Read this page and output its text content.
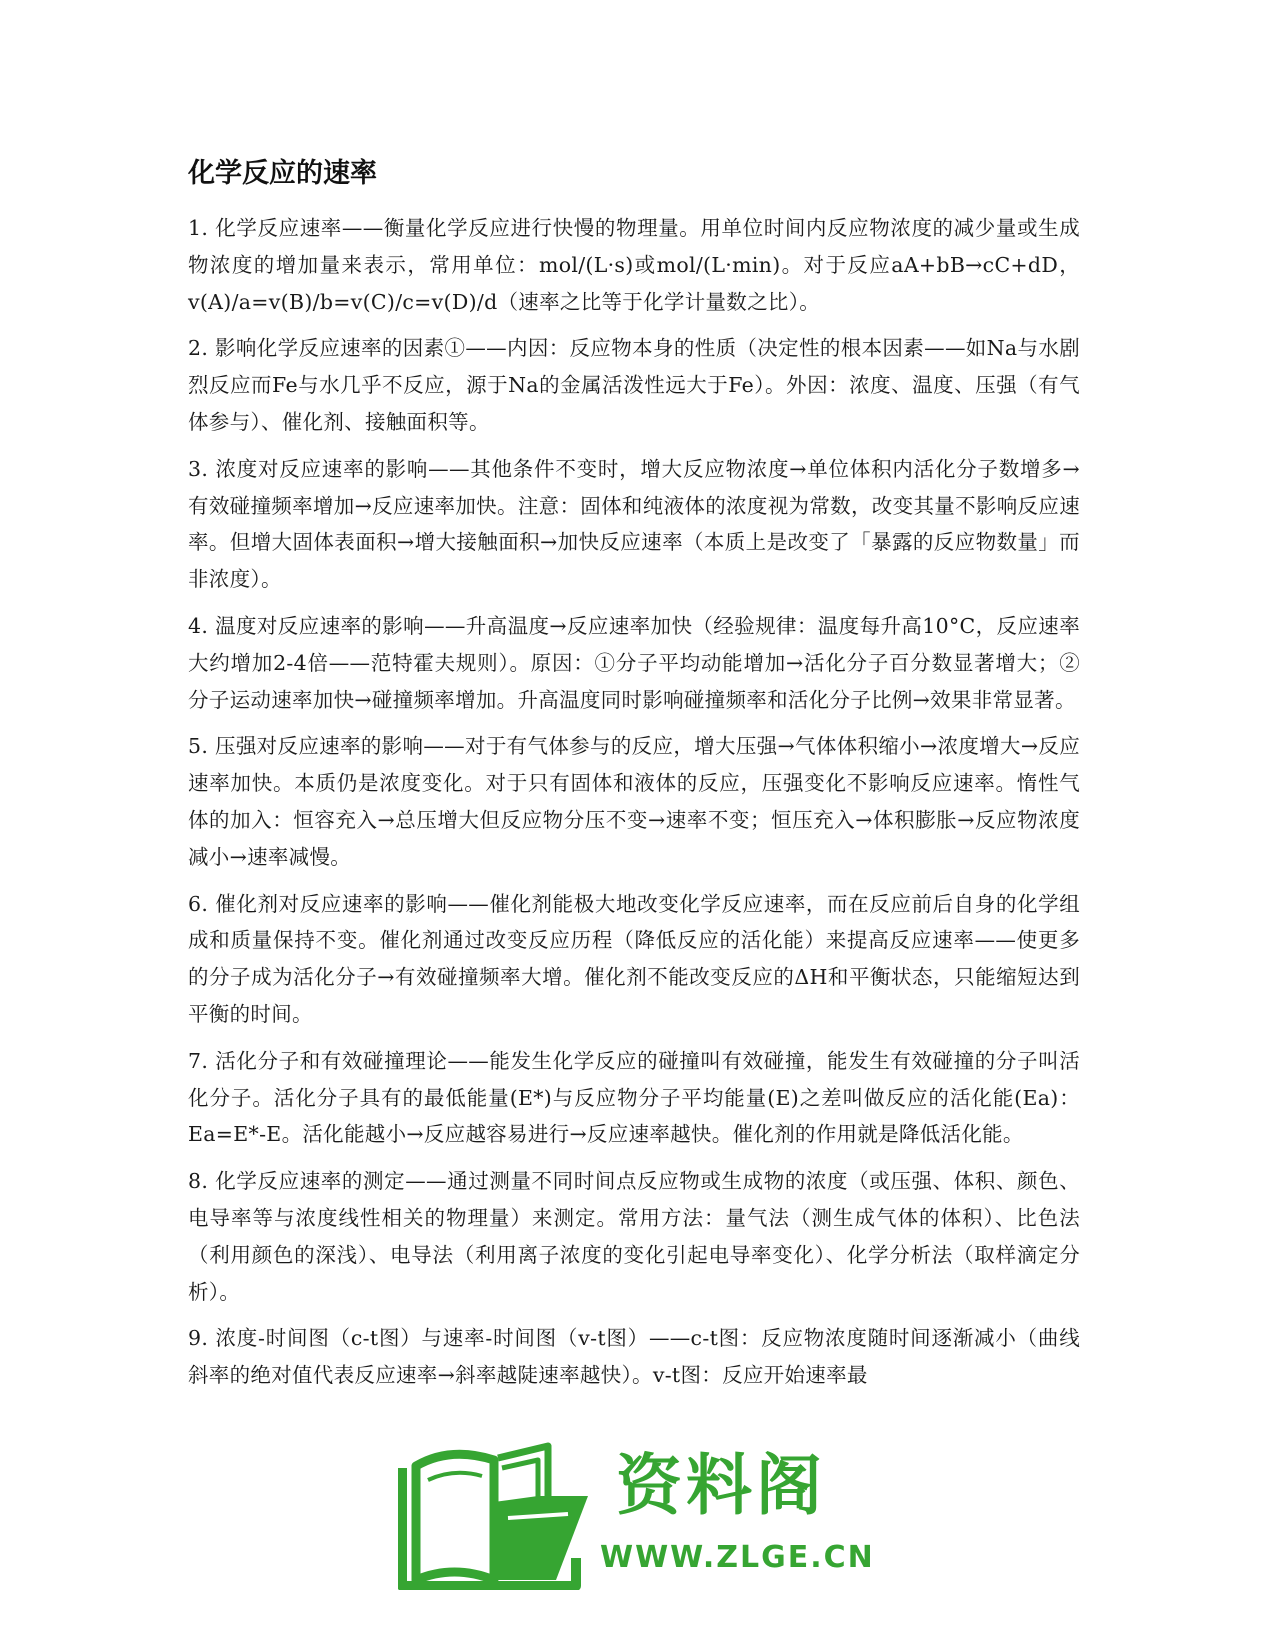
化学反应的速率

1. 化学反应速率——衡量化学反应进行快慢的物理量。用单位时间内反应物浓度的减少量或生成物浓度的增加量来表示，常用单位：mol/(L·s)或mol/(L·min)。对于反应aA+bB→cC+dD，v(A)/a=v(B)/b=v(C)/c=v(D)/d（速率之比等于化学计量数之比）。

2. 影响化学反应速率的因素①——内因：反应物本身的性质（决定性的根本因素——如Na与水剧烈反应而Fe与水几乎不反应，源于Na的金属活泼性远大于Fe）。外因：浓度、温度、压强（有气体参与）、催化剂、接触面积等。

3. 浓度对反应速率的影响——其他条件不变时，增大反应物浓度→单位体积内活化分子数增多→有效碰撞频率增加→反应速率加快。注意：固体和纯液体的浓度视为常数，改变其量不影响反应速率。但增大固体表面积→增大接触面积→加快反应速率（本质上是改变了「暴露的反应物数量」而非浓度）。

4. 温度对反应速率的影响——升高温度→反应速率加快（经验规律：温度每升高10°C，反应速率大约增加2-4倍——范特霍夫规则）。原因：①分子平均动能增加→活化分子百分数显著增大；②分子运动速率加快→碰撞频率增加。升高温度同时影响碰撞频率和活化分子比例→效果非常显著。

5. 压强对反应速率的影响——对于有气体参与的反应，增大压强→气体体积缩小→浓度增大→反应速率加快。本质仍是浓度变化。对于只有固体和液体的反应，压强变化不影响反应速率。惰性气体的加入：恒容充入→总压增大但反应物分压不变→速率不变；恒压充入→体积膨胀→反应物浓度减小→速率减慢。

6. 催化剂对反应速率的影响——催化剂能极大地改变化学反应速率，而在反应前后自身的化学组成和质量保持不变。催化剂通过改变反应历程（降低反应的活化能）来提高反应速率——使更多的分子成为活化分子→有效碰撞频率大增。催化剂不能改变反应的ΔH和平衡状态，只能缩短达到平衡的时间。

7. 活化分子和有效碰撞理论——能发生化学反应的碰撞叫有效碰撞，能发生有效碰撞的分子叫活化分子。活化分子具有的最低能量(E*)与反应物分子平均能量(E)之差叫做反应的活化能(Ea)：Ea=E*-E。活化能越小→反应越容易进行→反应速率越快。催化剂的作用就是降低活化能。

8. 化学反应速率的测定——通过测量不同时间点反应物或生成物的浓度（或压强、体积、颜色、电导率等与浓度线性相关的物理量）来测定。常用方法：量气法（测生成气体的体积）、比色法（利用颜色的深浅）、电导法（利用离子浓度的变化引起电导率变化）、化学分析法（取样滴定分析）。

9. 浓度-时间图（c-t图）与速率-时间图（v-t图）——c-t图：反应物浓度随时间逐渐减小（曲线斜率的绝对值代表反应速率→斜率越陡速率越快）。v-t图：反应开始速率最

资料阁

WWW.ZLGE.CN
